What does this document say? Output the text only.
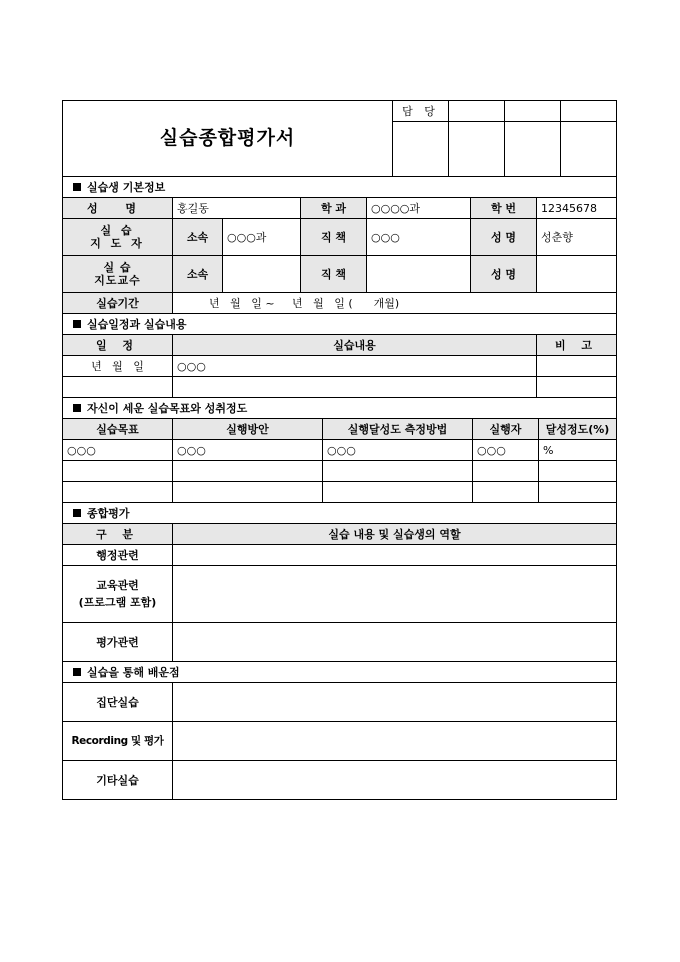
실습종합평가서	담 당			

실습생 기본정보						
성 명	홍길동		학 과	○○○○과	학 번	12345678
실 습
지 도 자	소속	○○○과	직 책	○○○	성 명	성춘향
실 습
지도교수	소속		직 책		성 명	
실습기간	년   월   일 ~     년   월   일 (      개월)					
실습일정과 실습내용		
일 정	실습내용	비 고
년   월   일	○○○	

자신이 세운 실습목표와 성취정도				
실습목표	실행방안	실행달성도 측정방법	실행자	달성정도(%)
○○○	○○○	○○○	○○○	%

종합평가	
구 분	실습 내용 및 실습생의 역할
행정관련	
교육관련
(프로그램 포함)	
평가관련	
실습을 통해 배운점	
집단실습	
Recording 및 평가	
기타실습	
